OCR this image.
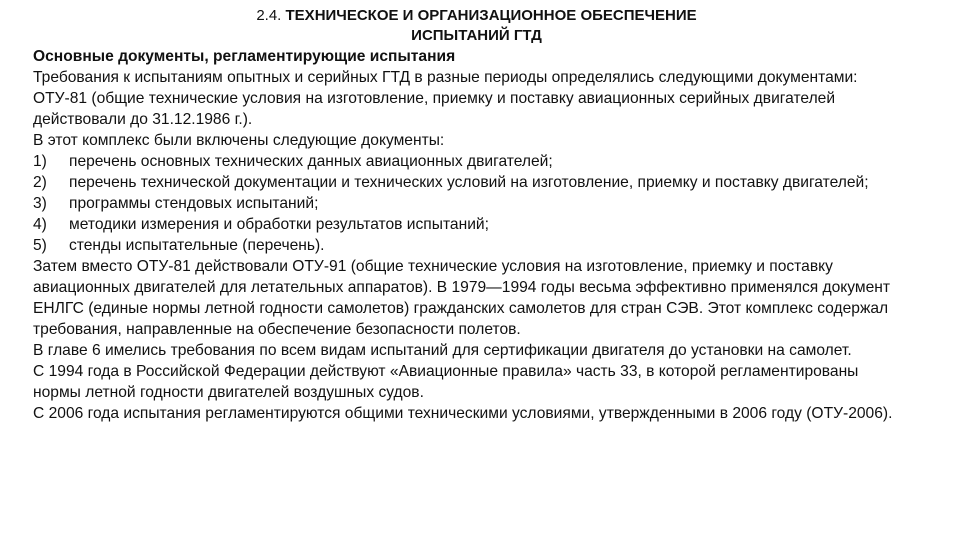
2.4. ТЕХНИЧЕСКОЕ И ОРГАНИЗАЦИОННОЕ ОБЕСПЕЧЕНИЕ
ИСПЫТАНИЙ ГТД

Основные документы, регламентирующие испытания

Требования к испытаниям опытных и серийных ГТД в разные периоды определялись следующими документами:

ОТУ-81 (общие технические условия на изготовление, приемку и поставку авиационных серийных двигателей действовали до 31.12.1986 г.).

В этот комплекс были включены следующие документы:

1)	перечень основных технических данных авиационных двигателей;
2)	перечень технической документации и технических условий на изготовление, приемку и поставку двигателей;
3)	программы стендовых испытаний;
4)	методики измерения и обработки результатов испытаний;
5)	стенды испытательные (перечень).

Затем вместо ОТУ-81 действовали ОТУ-91 (общие технические условия на изготовление, приемку и поставку авиационных двигателей для летательных аппаратов). В 1979—1994 годы весьма эффективно применялся документ ЕНЛГС (единые нормы летной годности самолетов) гражданских самолетов для стран СЭВ. Этот комплекс содержал требования, направленные на обеспечение безопасности полетов.

В главе 6 имелись требования по всем видам испытаний для сертификации двигателя до установки на самолет.

С 1994 года в Российской Федерации действуют «Авиационные правила» часть 33, в которой регламентированы нормы летной годности двигателей воздушных судов.

С 2006 года испытания регламентируются общими техническими условиями, утвержденными в 2006 году (ОТУ-2006).
